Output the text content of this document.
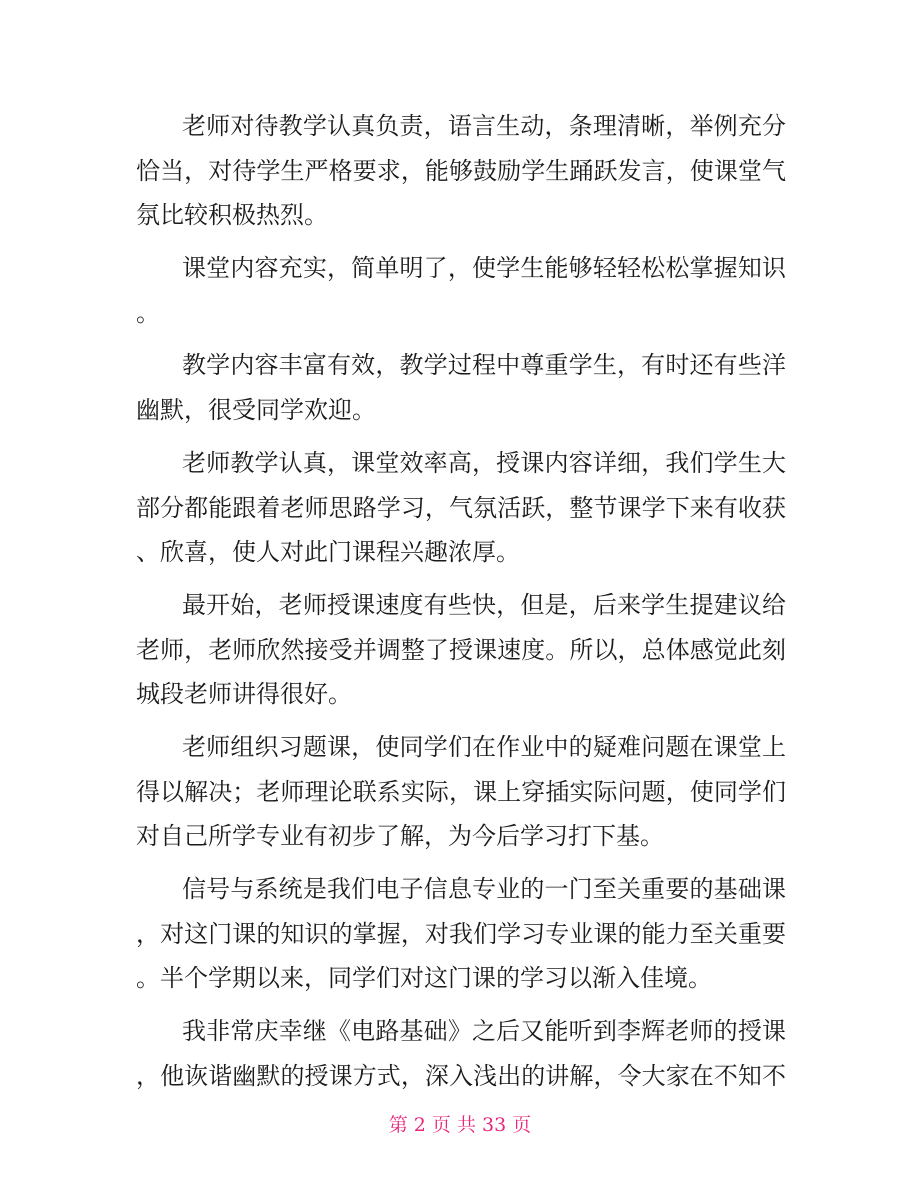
老师对待教学认真负责，语言生动，条理清晰，举例充分
恰当，对待学生严格要求，能够鼓励学生踊跃发言，使课堂气
氛比较积极热烈。
课堂内容充实，简单明了，使学生能够轻轻松松掌握知识
。
教学内容丰富有效，教学过程中尊重学生，有时还有些洋
幽默，很受同学欢迎。
老师教学认真，课堂效率高，授课内容详细，我们学生大
部分都能跟着老师思路学习，气氛活跃，整节课学下来有收获
、欣喜，使人对此门课程兴趣浓厚。
最开始，老师授课速度有些快，但是，后来学生提建议给
老师，老师欣然接受并调整了授课速度。所以，总体感觉此刻
城段老师讲得很好。
老师组织习题课，使同学们在作业中的疑难问题在课堂上
得以解决；老师理论联系实际，课上穿插实际问题，使同学们
对自己所学专业有初步了解，为今后学习打下基。
信号与系统是我们电子信息专业的一门至关重要的基础课
，对这门课的知识的掌握，对我们学习专业课的能力至关重要
。半个学期以来，同学们对这门课的学习以渐入佳境。
我非常庆幸继《电路基础》之后又能听到李辉老师的授课
，他诙谐幽默的授课方式，深入浅出的讲解，令大家在不知不
第 2 页 共 33 页
